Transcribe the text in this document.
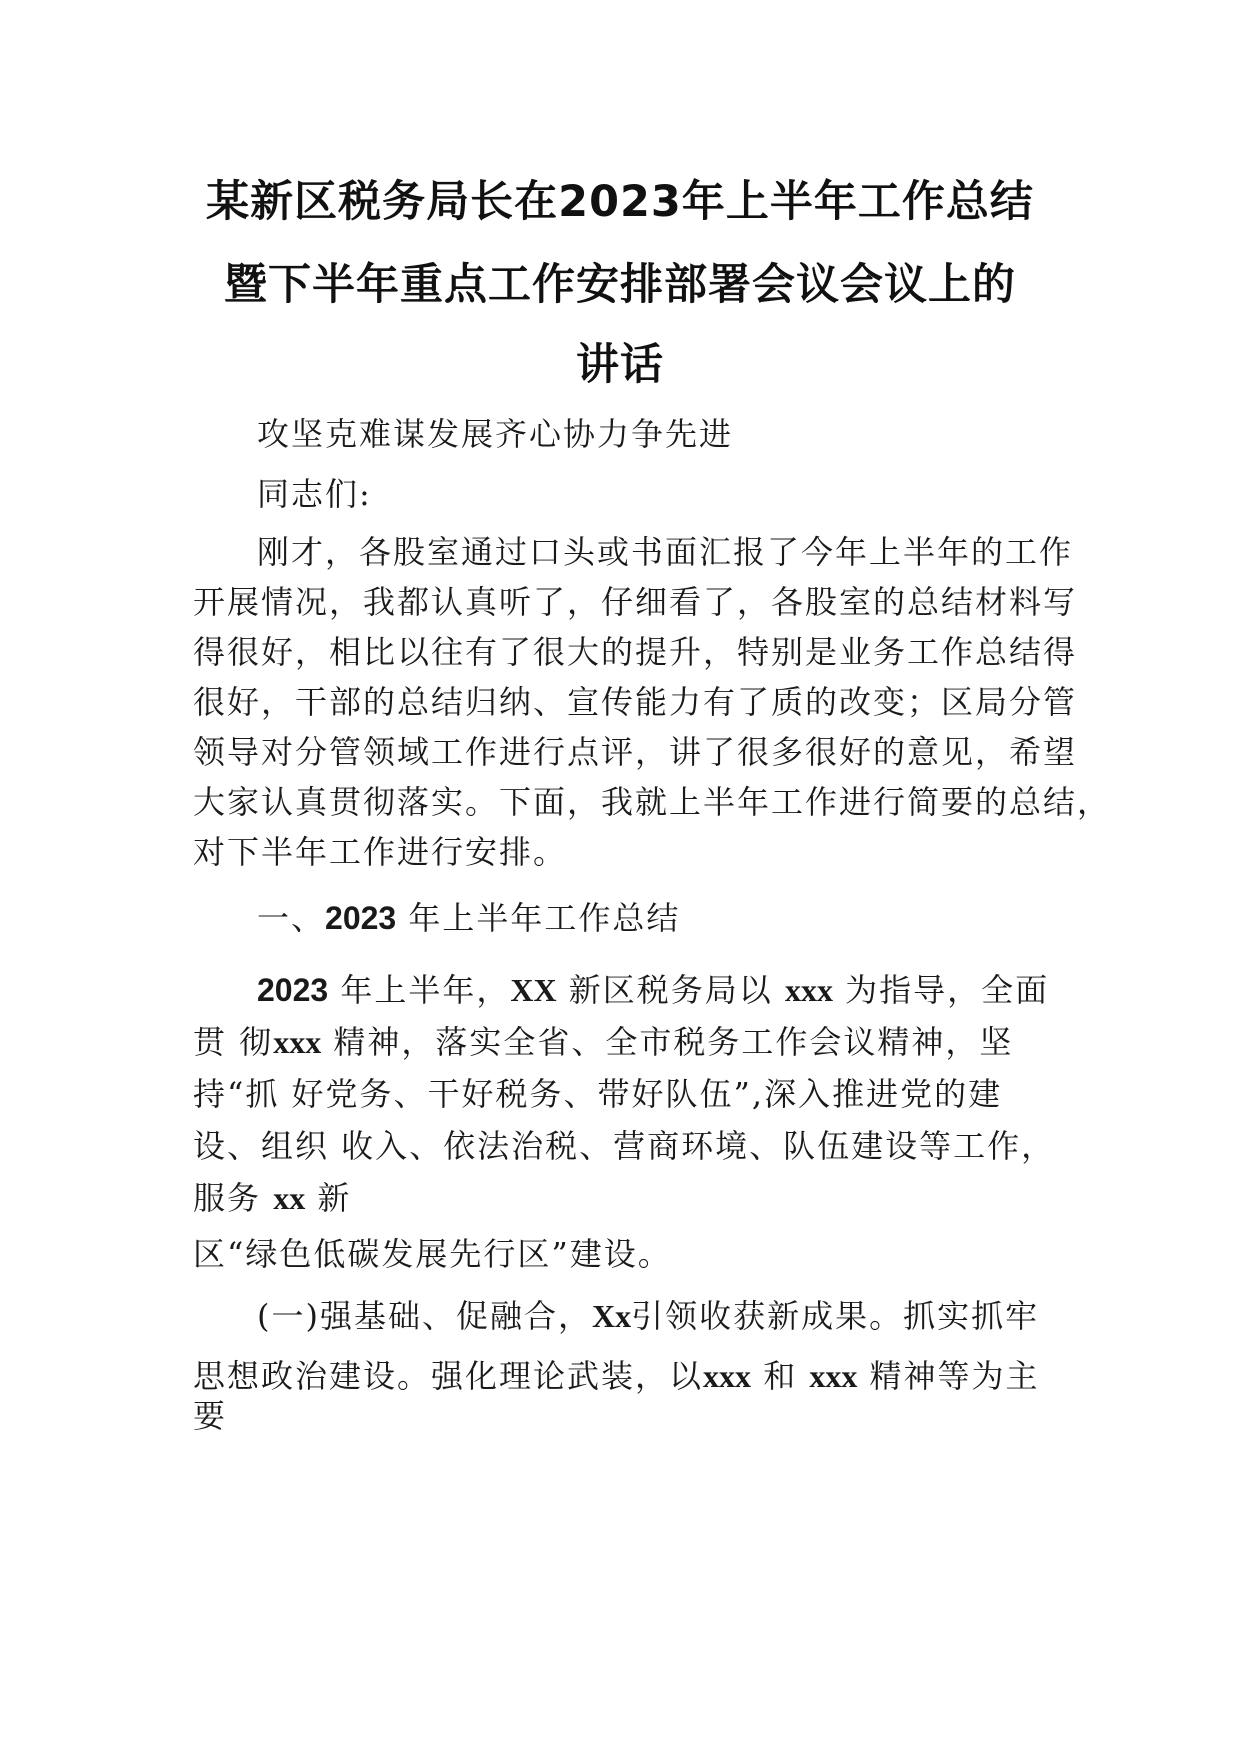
某新区税务局长在2023年上半年工作总结
暨下半年重点工作安排部署会议会议上的
讲话
攻坚克难谋发展齐心协力争先进
同志们:
刚才，各股室通过口头或书面汇报了今年上半年的工作
开展情况，我都认真听了，仔细看了，各股室的总结材料写
得很好，相比以往有了很大的提升，特别是业务工作总结得
很好，干部的总结归纳、宣传能力有了质的改变；区局分管
领导对分管领域工作进行点评，讲了很多很好的意见，希望
大家认真贯彻落实。下面，我就上半年工作进行简要的总结，
对下半年工作进行安排。
一、2023 年上半年工作总结
2023 年上半年，XX 新区税务局以 xxx 为指导，全面
贯 彻xxx 精神，落实全省、全市税务工作会议精神，坚
持“抓 好党务、干好税务、带好队伍”,深入推进党的建
设、组织 收入、依法治税、营商环境、队伍建设等工作，
服务 xx 新
区“绿色低碳发展先行区”建设。
(一)强基础、促融合，Xx引领收获新成果。抓实抓牢
思想政治建设。强化理论武装，以xxx 和 xxx 精神等为主
要
